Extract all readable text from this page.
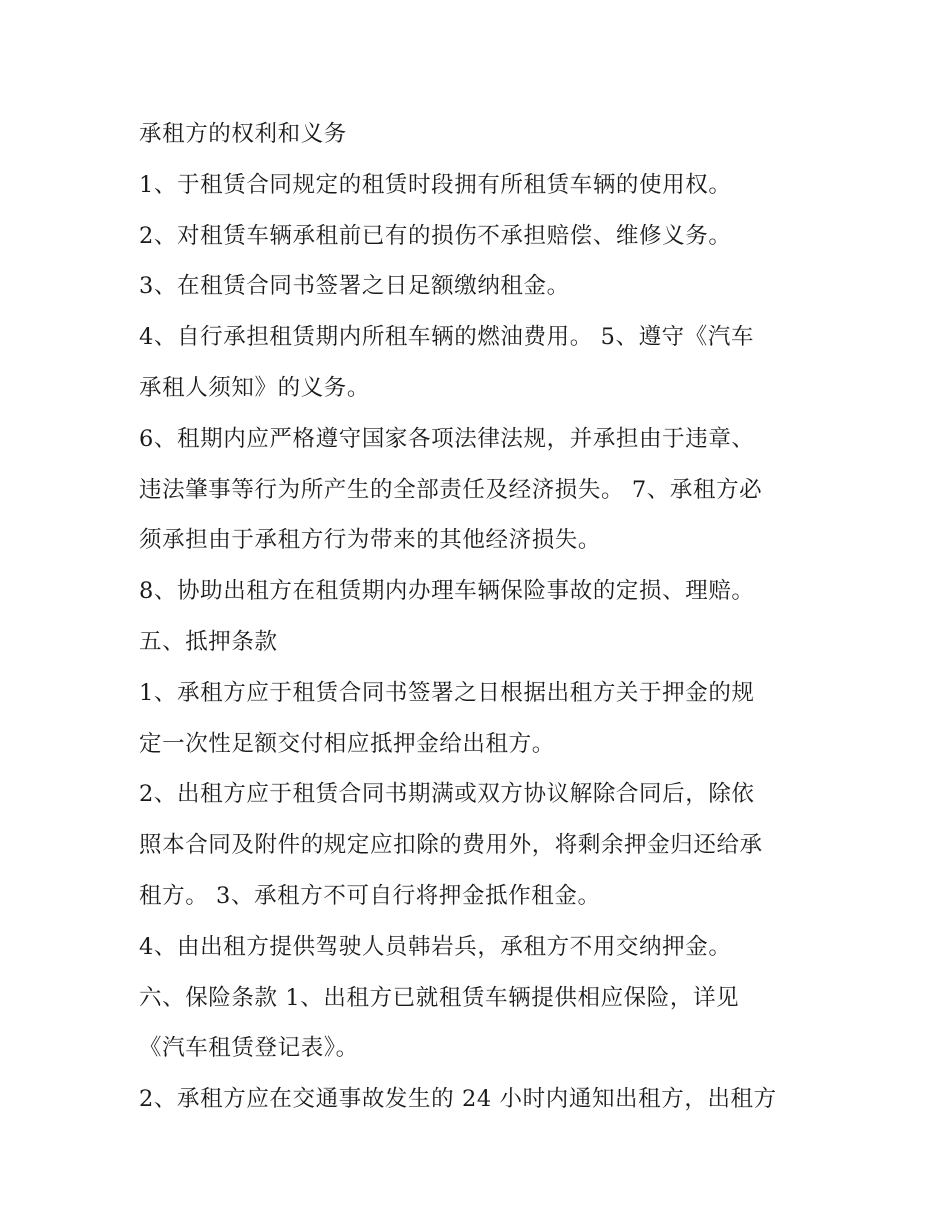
承租方的权利和义务
1、于租赁合同规定的租赁时段拥有所租赁车辆的使用权。
2、对租赁车辆承租前已有的损伤不承担赔偿、维修义务。
3、在租赁合同书签署之日足额缴纳租金。
4、自行承担租赁期内所租车辆的燃油费用。 5、遵守《汽车
承租人须知》的义务。
6、租期内应严格遵守国家各项法律法规，并承担由于违章、
违法肇事等行为所产生的全部责任及经济损失。 7、承租方必
须承担由于承租方行为带来的其他经济损失。
8、协助出租方在租赁期内办理车辆保险事故的定损、理赔。
五、抵押条款
1、承租方应于租赁合同书签署之日根据出租方关于押金的规
定一次性足额交付相应抵押金给出租方。
2、出租方应于租赁合同书期满或双方协议解除合同后，除依
照本合同及附件的规定应扣除的费用外，将剩余押金归还给承
租方。 3、承租方不可自行将押金抵作租金。
4、由出租方提供驾驶人员韩岩兵，承租方不用交纳押金。
六、保险条款 1、出租方已就租赁车辆提供相应保险，详见
《汽车租赁登记表》。
2、承租方应在交通事故发生的 24 小时内通知出租方，出租方
